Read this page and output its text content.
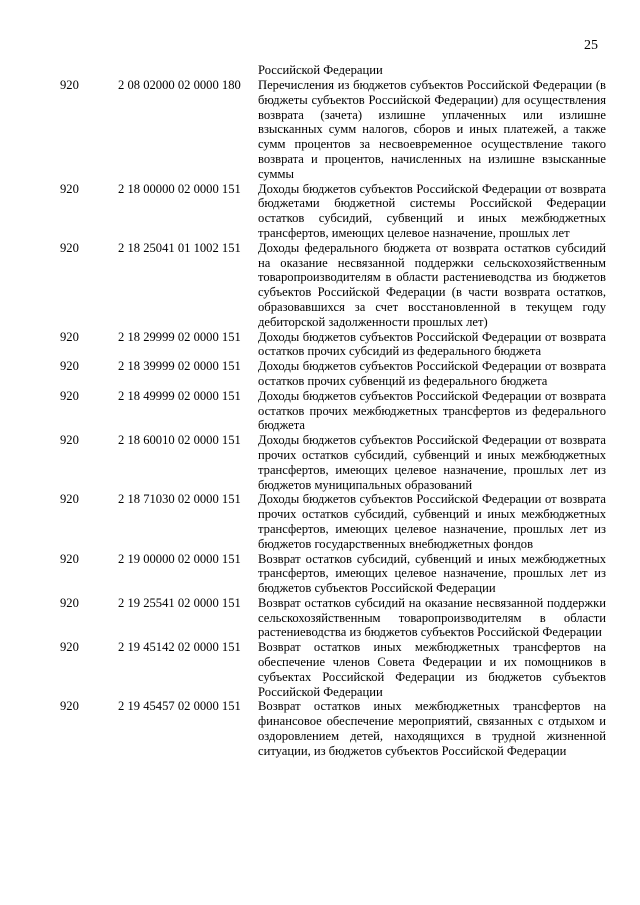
25
Российской Федерации
920	2 08 02000 02 0000 180 Перечисления из бюджетов субъектов Российской Федерации (в бюджеты субъектов Российской Федерации) для осуществления возврата (зачета) излишне уплаченных или излишне взысканных сумм налогов, сборов и иных платежей, а также сумм процентов за несвоевременное осуществление такого возврата и процентов, начисленных на излишне взысканные суммы
920	2 18 00000 02 0000 151 Доходы бюджетов субъектов Российской Федерации от возврата бюджетами бюджетной системы Российской Федерации остатков субсидий, субвенций и иных межбюджетных трансфертов, имеющих целевое назначение, прошлых лет
920	2 18 25041 01 1002 151 Доходы федерального бюджета от возврата остатков субсидий на оказание несвязанной поддержки сельскохозяйственным товаропроизводителям в области растениеводства из бюджетов субъектов Российской Федерации (в части возврата остатков, образовавшихся за счет восстановленной в текущем году дебиторской задолженности прошлых лет)
920	2 18 29999 02 0000 151 Доходы бюджетов субъектов Российской Федерации от возврата остатков прочих субсидий из федерального бюджета
920	2 18 39999 02 0000 151 Доходы бюджетов субъектов Российской Федерации от возврата остатков прочих субвенций из федерального бюджета
920	2 18 49999 02 0000 151 Доходы бюджетов субъектов Российской Федерации от возврата остатков прочих межбюджетных трансфертов из федерального бюджета
920	2 18 60010 02 0000 151 Доходы бюджетов субъектов Российской Федерации от возврата прочих остатков субсидий, субвенций и иных межбюджетных трансфертов, имеющих целевое назначение, прошлых лет из бюджетов муниципальных образований
920	2 18 71030 02 0000 151 Доходы бюджетов субъектов Российской Федерации от возврата прочих остатков субсидий, субвенций и иных межбюджетных трансфертов, имеющих целевое назначение, прошлых лет из бюджетов государственных внебюджетных фондов
920	2 19 00000 02 0000 151 Возврат остатков субсидий, субвенций и иных межбюджетных трансфертов, имеющих целевое назначение, прошлых лет из бюджетов субъектов Российской Федерации
920	2 19 25541 02 0000 151 Возврат остатков субсидий на оказание несвязанной поддержки сельскохозяйственным товаропроизводителям в области растениеводства из бюджетов субъектов Российской Федерации
920	2 19 45142 02 0000 151 Возврат остатков иных межбюджетных трансфертов на обеспечение членов Совета Федерации и их помощников в субъектах Российской Федерации из бюджетов субъектов Российской Федерации
920	2 19 45457 02 0000 151 Возврат остатков иных межбюджетных трансфертов на финансовое обеспечение мероприятий, связанных с отдыхом и оздоровлением детей, находящихся в трудной жизненной ситуации, из бюджетов субъектов Российской Федерации
